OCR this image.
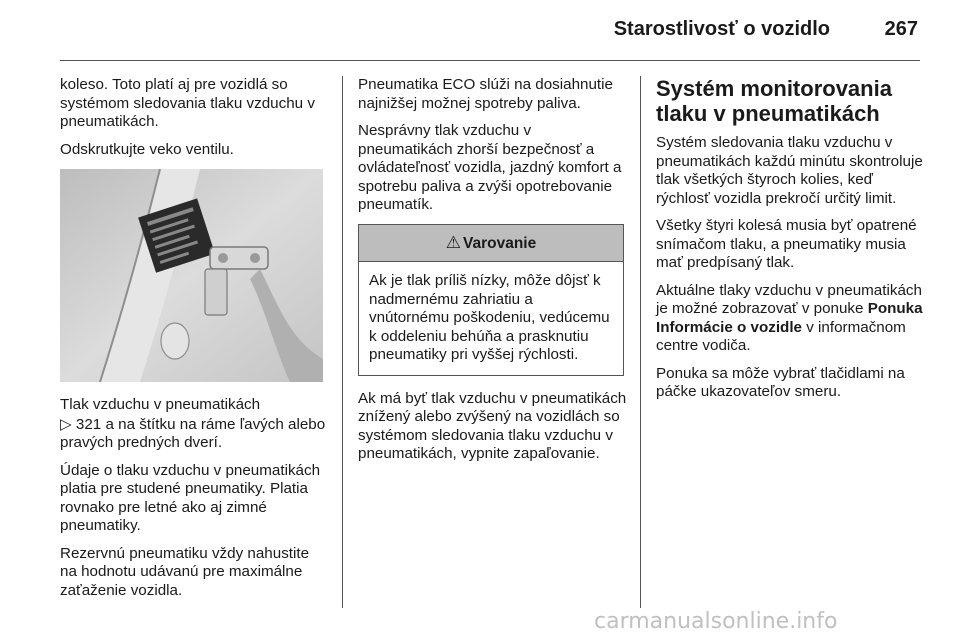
Starostlivosť o vozidlo	267

koleso. Toto platí aj pre vozidlá so systémom sledovania tlaku vzduchu v pneumatikách.

Odskrutkujte veko ventilu.

Tlak vzduchu v pneumatikách
▷ 321 a na štítku na ráme ľavých alebo pravých predných dverí.

Údaje o tlaku vzduchu v pneumatikách platia pre studené pneumatiky. Platia rovnako pre letné ako aj zimné pneumatiky.

Rezervnú pneumatiku vždy nahustite na hodnotu udávanú pre maximálne zaťaženie vozidla.

Pneumatika ECO slúži na dosiahnutie najnižšej možnej spotreby paliva.

Nesprávny tlak vzduchu v pneumatikách zhorší bezpečnosť a ovládateľnosť vozidla, jazdný komfort a spotrebu paliva a zvýši opotrebovanie pneumatík.

⚠ Varovanie
Ak je tlak príliš nízky, môže dôjsť k nadmernému zahriatiu a vnútornému poškodeniu, vedúcemu k oddeleniu behúňa a prasknutiu pneumatiky pri vyššej rýchlosti.

Ak má byť tlak vzduchu v pneumatikách znížený alebo zvýšený na vozidlách so systémom sledovania tlaku vzduchu v pneumatikách, vypnite zapaľovanie.

Systém monitorovania tlaku v pneumatikách

Systém sledovania tlaku vzduchu v pneumatikách každú minútu skontroluje tlak všetkých štyroch kolies, keď rýchlosť vozidla prekročí určitý limit.

Všetky štyri kolesá musia byť opatrené snímačom tlaku, a pneumatiky musia mať predpísaný tlak.

Aktuálne tlaky vzduchu v pneumatikách je možné zobrazovať v ponuke Ponuka Informácie o vozidle v informačnom centre vodiča.

Ponuka sa môže vybrať tlačidlami na páčke ukazovateľov smeru.

carmanualsonline.info
